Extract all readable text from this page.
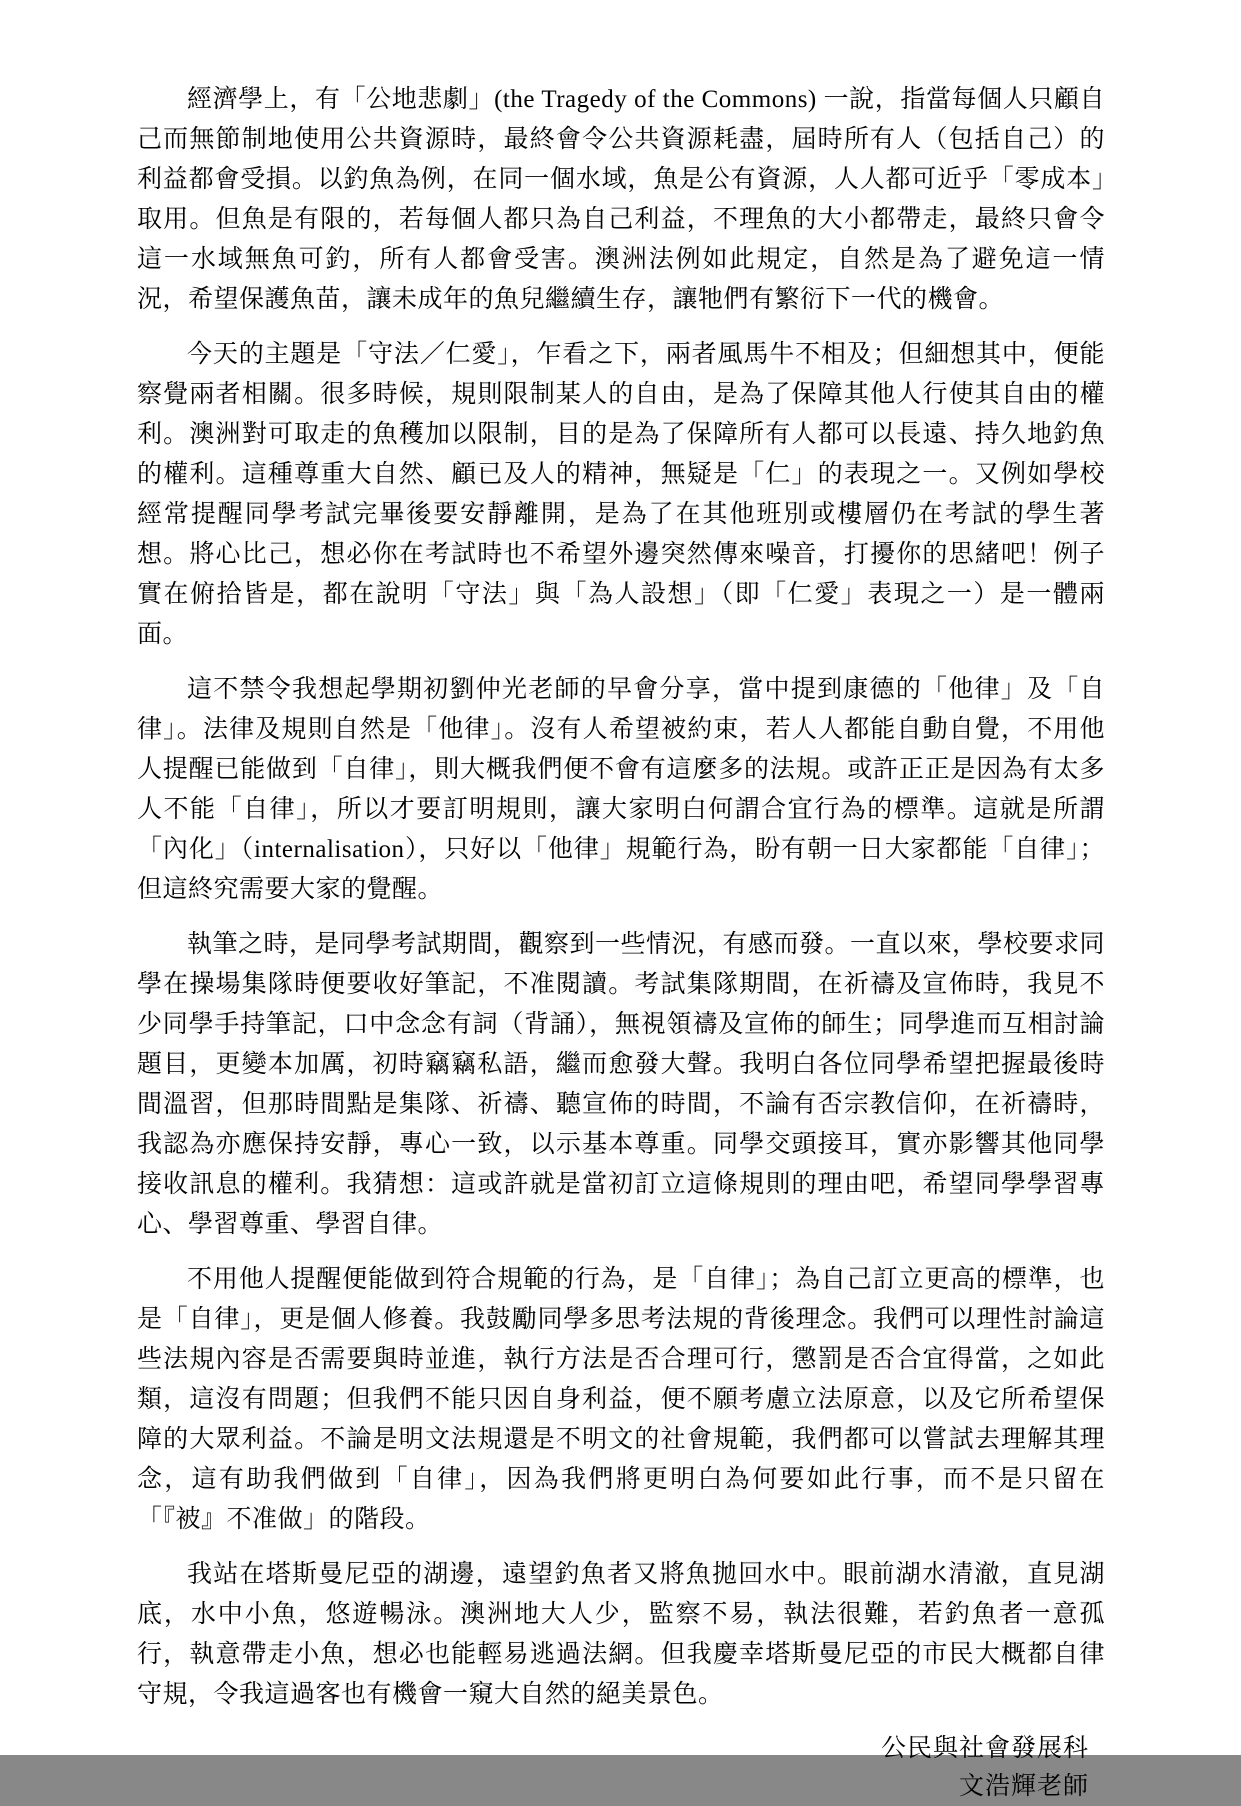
經濟學上，有「公地悲劇」(the Tragedy of the Commons) 一說，指當每個人只顧自己而無節制地使用公共資源時，最終會令公共資源耗盡，屆時所有人（包括自己）的利益都會受損。以釣魚為例，在同一個水域，魚是公有資源，人人都可近乎「零成本」取用。但魚是有限的，若每個人都只為自己利益，不理魚的大小都帶走，最終只會令這一水域無魚可釣，所有人都會受害。澳洲法例如此規定，自然是為了避免這一情況，希望保護魚苗，讓未成年的魚兒繼續生存，讓牠們有繁衍下一代的機會。

今天的主題是「守法／仁愛」，乍看之下，兩者風馬牛不相及；但細想其中，便能察覺兩者相關。很多時候，規則限制某人的自由，是為了保障其他人行使其自由的權利。澳洲對可取走的魚穫加以限制，目的是為了保障所有人都可以長遠、持久地釣魚的權利。這種尊重大自然、顧已及人的精神，無疑是「仁」的表現之一。又例如學校經常提醒同學考試完畢後要安靜離開，是為了在其他班別或樓層仍在考試的學生著想。將心比己，想必你在考試時也不希望外邊突然傳來噪音，打擾你的思緒吧！例子實在俯拾皆是，都在說明「守法」與「為人設想」（即「仁愛」表現之一）是一體兩面。

這不禁令我想起學期初劉仲光老師的早會分享，當中提到康德的「他律」及「自律」。法律及規則自然是「他律」。沒有人希望被約束，若人人都能自動自覺，不用他人提醒已能做到「自律」，則大概我們便不會有這麼多的法規。或許正正是因為有太多人不能「自律」，所以才要訂明規則，讓大家明白何謂合宜行為的標準。這就是所謂「內化」（internalisation），只好以「他律」規範行為，盼有朝一日大家都能「自律」；但這終究需要大家的覺醒。

執筆之時，是同學考試期間，觀察到一些情況，有感而發。一直以來，學校要求同學在操場集隊時便要收好筆記，不准閱讀。考試集隊期間，在祈禱及宣佈時，我見不少同學手持筆記，口中念念有詞（背誦），無視領禱及宣佈的師生；同學進而互相討論題目，更變本加厲，初時竊竊私語，繼而愈發大聲。我明白各位同學希望把握最後時間溫習，但那時間點是集隊、祈禱、聽宣佈的時間，不論有否宗教信仰，在祈禱時，我認為亦應保持安靜，專心一致，以示基本尊重。同學交頭接耳，實亦影響其他同學接收訊息的權利。我猜想：這或許就是當初訂立這條規則的理由吧，希望同學學習專心、學習尊重、學習自律。

不用他人提醒便能做到符合規範的行為，是「自律」；為自己訂立更高的標準，也是「自律」，更是個人修養。我鼓勵同學多思考法規的背後理念。我們可以理性討論這些法規內容是否需要與時並進，執行方法是否合理可行，懲罰是否合宜得當，之如此類，這沒有問題；但我們不能只因自身利益，便不願考慮立法原意，以及它所希望保障的大眾利益。不論是明文法規還是不明文的社會規範，我們都可以嘗試去理解其理念，這有助我們做到「自律」，因為我們將更明白為何要如此行事，而不是只留在「『被』不准做」的階段。

我站在塔斯曼尼亞的湖邊，遠望釣魚者又將魚拋回水中。眼前湖水清澈，直見湖底，水中小魚，悠遊暢泳。澳洲地大人少，監察不易，執法很難，若釣魚者一意孤行，執意帶走小魚，想必也能輕易逃過法網。但我慶幸塔斯曼尼亞的市民大概都自律守規，令我這過客也有機會一窺大自然的絕美景色。

公民與社會發展科
文浩輝老師
